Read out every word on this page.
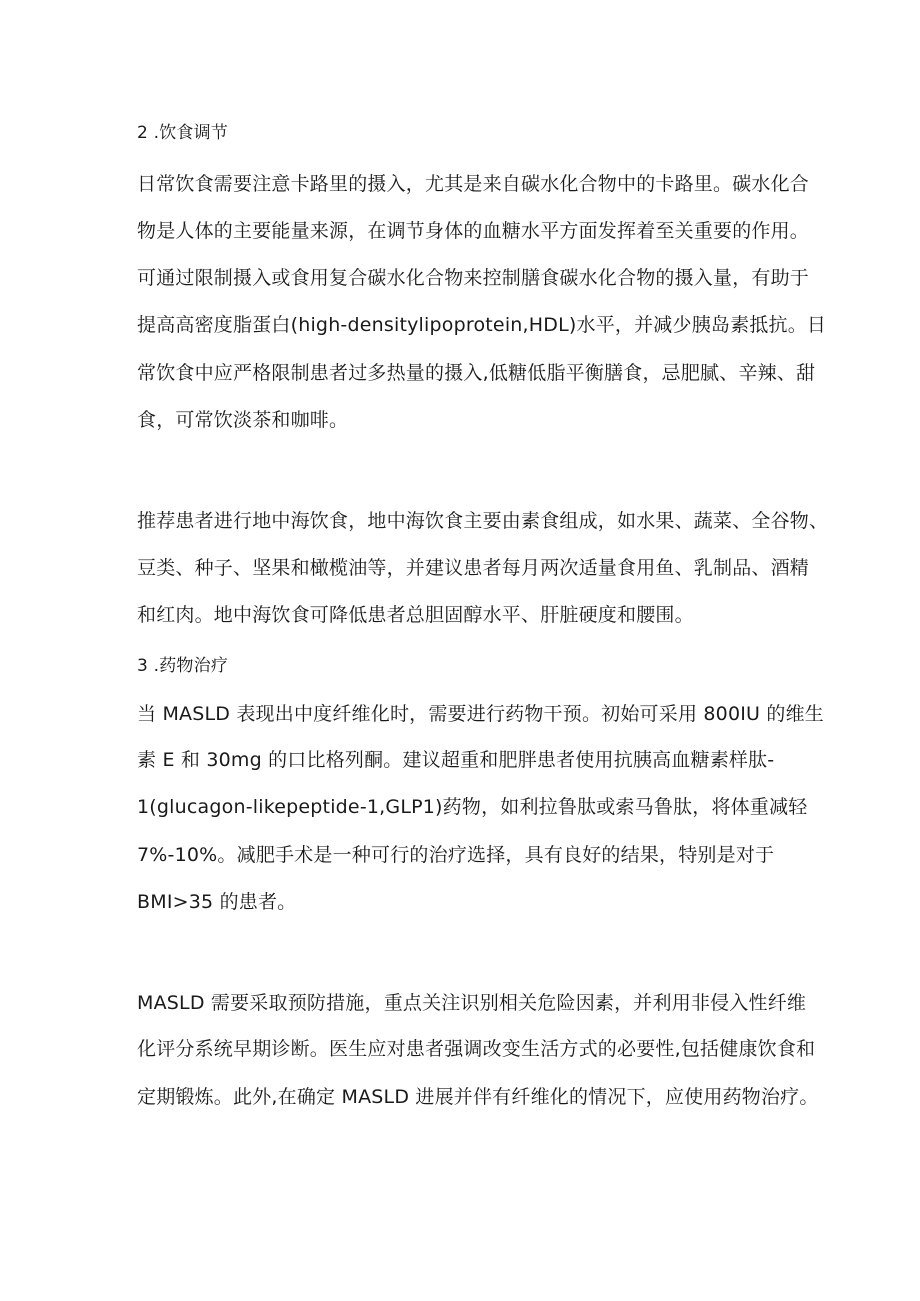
2 .饮食调节
日常饮食需要注意卡路里的摄入，尤其是来自碳水化合物中的卡路里。碳水化合
物是人体的主要能量来源，在调节身体的血糖水平方面发挥着至关重要的作用。
可通过限制摄入或食用复合碳水化合物来控制膳食碳水化合物的摄入量，有助于
提高高密度脂蛋白(high-densitylipoprotein,HDL)水平，并减少胰岛素抵抗。日
常饮食中应严格限制患者过多热量的摄入,低糖低脂平衡膳食，忌肥腻、辛辣、甜
食，可常饮淡茶和咖啡。
推荐患者进行地中海饮食，地中海饮食主要由素食组成，如水果、蔬菜、全谷物、
豆类、种子、坚果和橄榄油等，并建议患者每月两次适量食用鱼、乳制品、酒精
和红肉。地中海饮食可降低患者总胆固醇水平、肝脏硬度和腰围。
3 .药物治疗
当 MASLD 表现出中度纤维化时，需要进行药物干预。初始可采用 800IU 的维生
素 E 和 30mg 的口比格列酮。建议超重和肥胖患者使用抗胰高血糖素样肽-
1(glucagon-likepeptide-1,GLP1)药物，如利拉鲁肽或索马鲁肽，将体重减轻
7%-10%。减肥手术是一种可行的治疗选择，具有良好的结果，特别是对于
BMI>35 的患者。
MASLD 需要采取预防措施，重点关注识别相关危险因素，并利用非侵入性纤维
化评分系统早期诊断。医生应对患者强调改变生活方式的必要性,包括健康饮食和
定期锻炼。此外,在确定 MASLD 进展并伴有纤维化的情况下，应使用药物治疗。
